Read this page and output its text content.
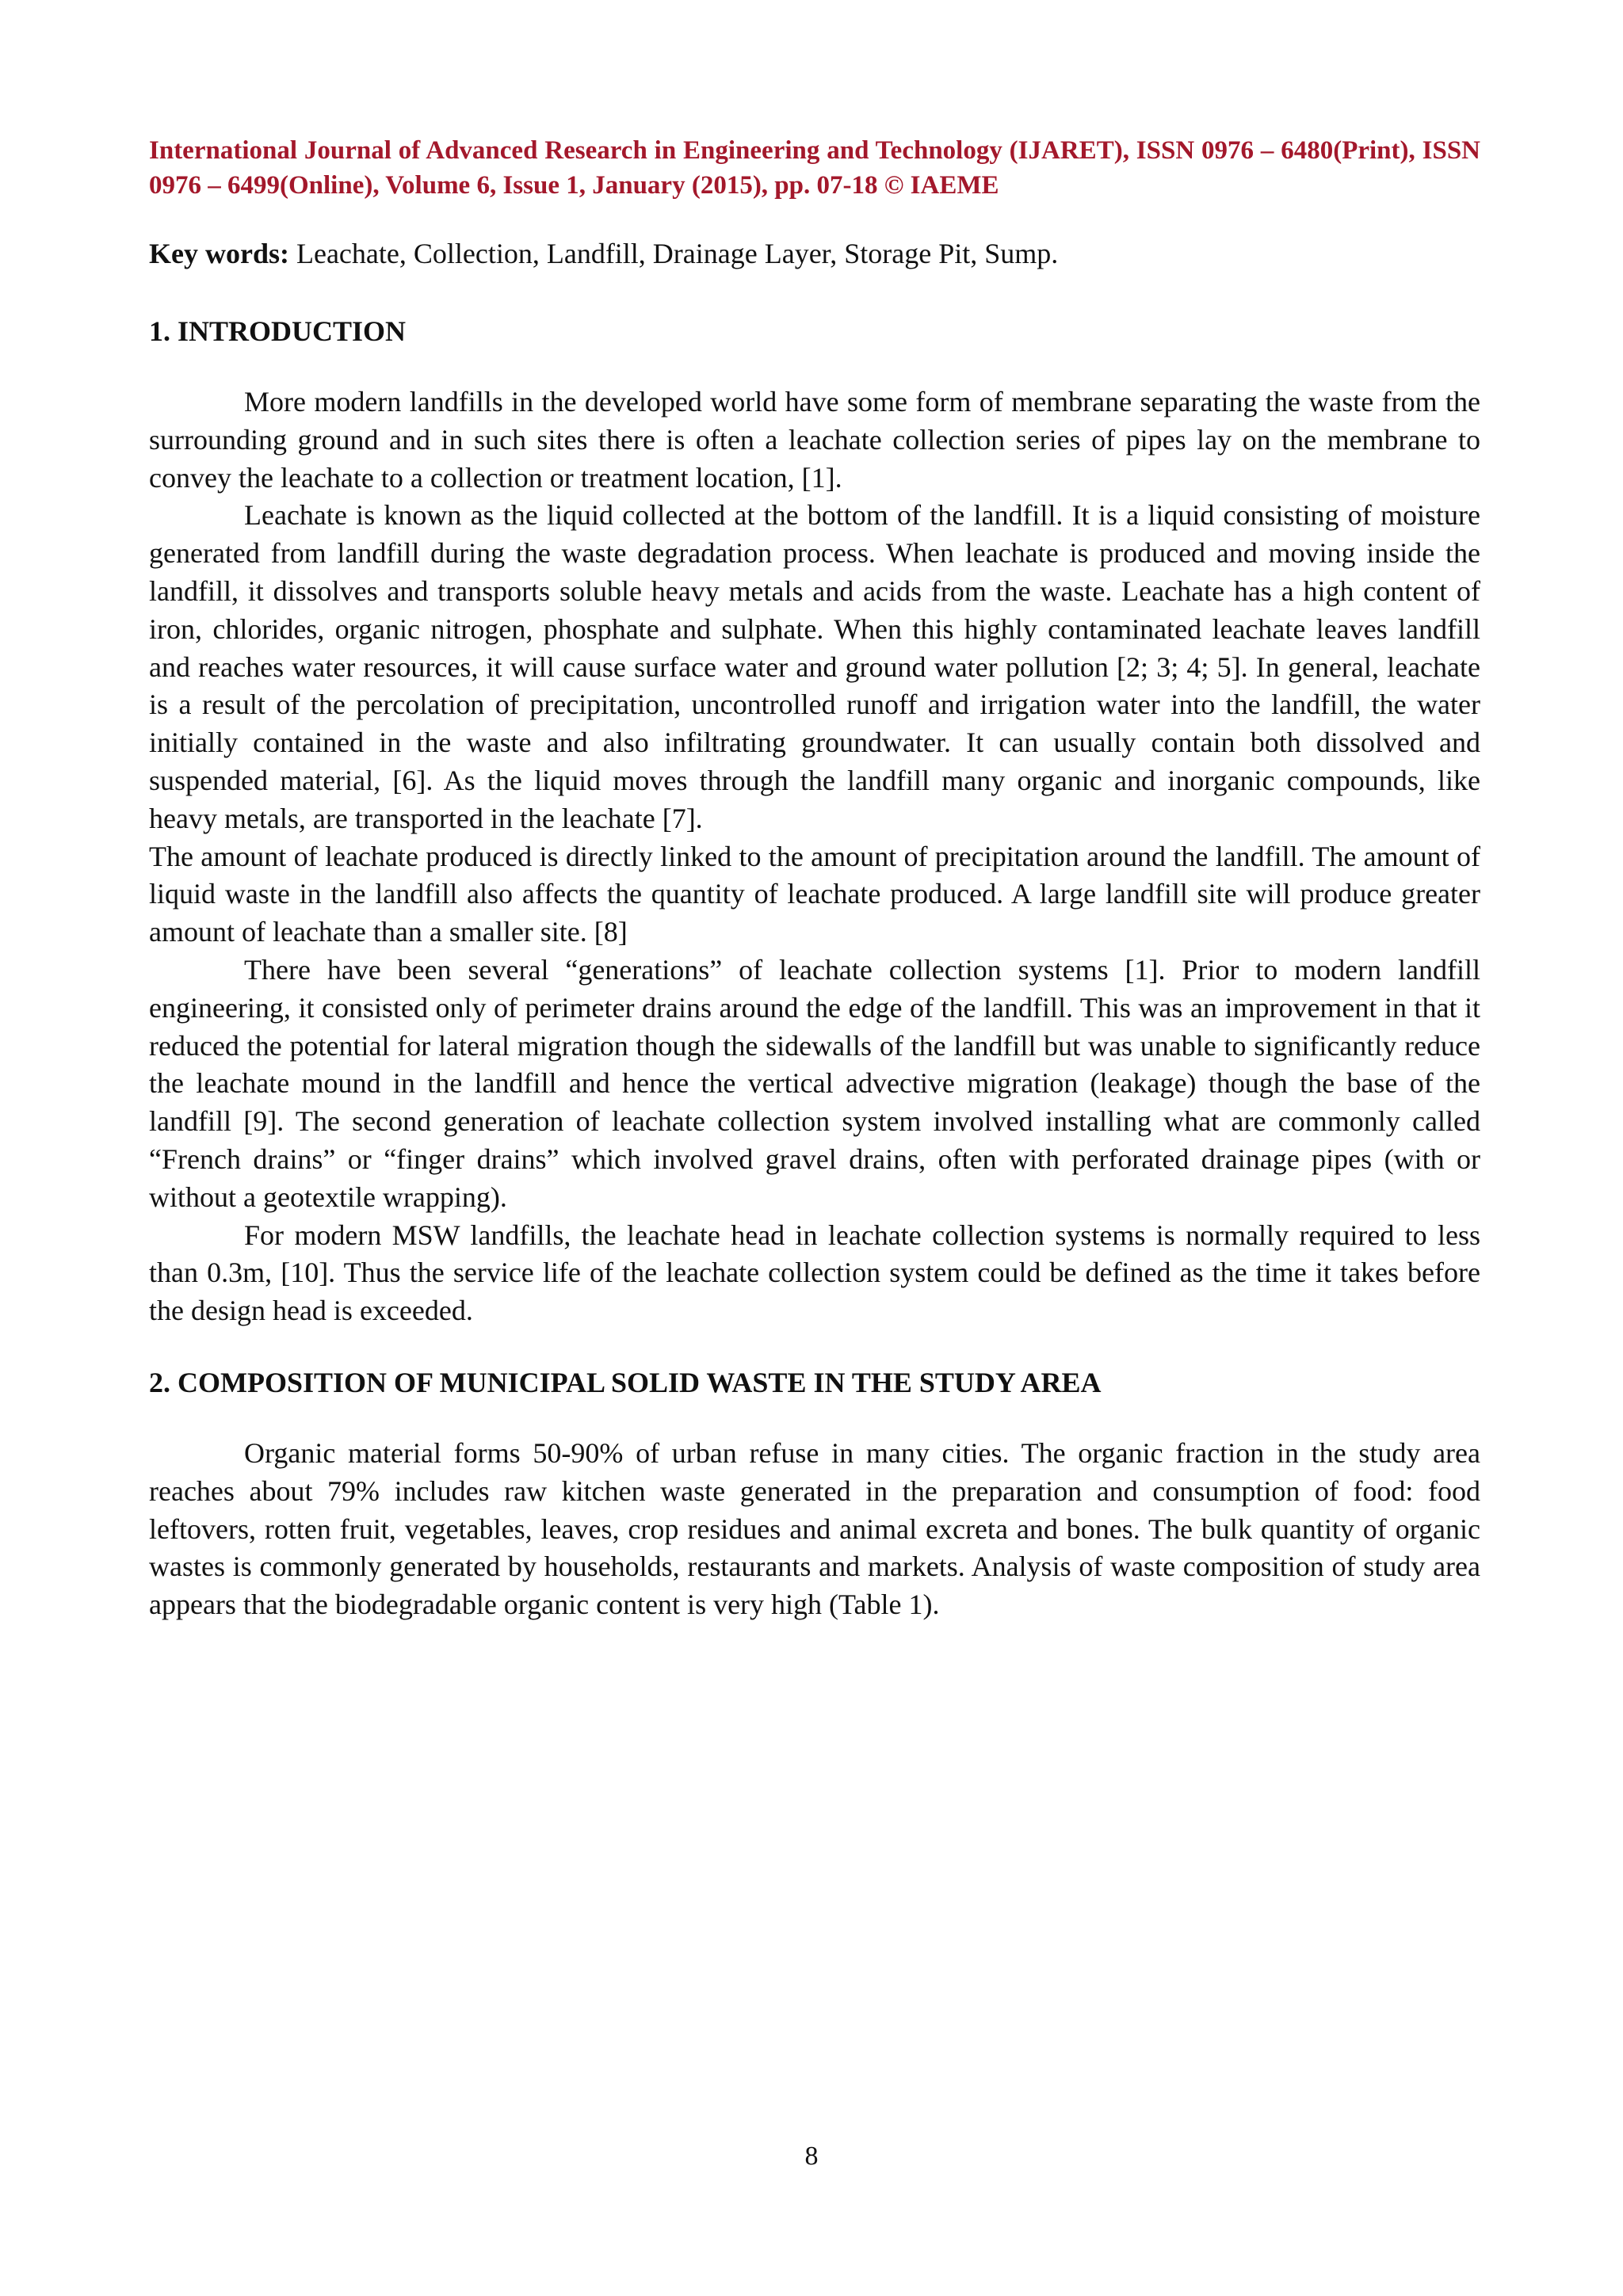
International Journal of Advanced Research in Engineering and Technology (IJARET), ISSN 0976 – 6480(Print), ISSN 0976 – 6499(Online), Volume 6, Issue 1, January (2015), pp. 07-18 © IAEME

Key words: Leachate, Collection, Landfill, Drainage Layer, Storage Pit, Sump.

1. INTRODUCTION

More modern landfills in the developed world have some form of membrane separating the waste from the surrounding ground and in such sites there is often a leachate collection series of pipes lay on the membrane to convey the leachate to a collection or treatment location, [1].

Leachate is known as the liquid collected at the bottom of the landfill. It is a liquid consisting of moisture generated from landfill during the waste degradation process. When leachate is produced and moving inside the landfill, it dissolves and transports soluble heavy metals and acids from the waste. Leachate has a high content of iron, chlorides, organic nitrogen, phosphate and sulphate. When this highly contaminated leachate leaves landfill and reaches water resources, it will cause surface water and ground water pollution [2; 3; 4; 5]. In general, leachate is a result of the percolation of precipitation, uncontrolled runoff and irrigation water into the landfill, the water initially contained in the waste and also infiltrating groundwater. It can usually contain both dissolved and suspended material, [6]. As the liquid moves through the landfill many organic and inorganic compounds, like heavy metals, are transported in the leachate [7].

The amount of leachate produced is directly linked to the amount of precipitation around the landfill. The amount of liquid waste in the landfill also affects the quantity of leachate produced. A large landfill site will produce greater amount of leachate than a smaller site. [8]

There have been several “generations” of leachate collection systems [1]. Prior to modern landfill engineering, it consisted only of perimeter drains around the edge of the landfill. This was an improvement in that it reduced the potential for lateral migration though the sidewalls of the landfill but was unable to significantly reduce the leachate mound in the landfill and hence the vertical advective migration (leakage) though the base of the landfill [9]. The second generation of leachate collection system involved installing what are commonly called “French drains” or “finger drains” which involved gravel drains, often with perforated drainage pipes (with or without a geotextile wrapping).

For modern MSW landfills, the leachate head in leachate collection systems is normally required to less than 0.3m, [10]. Thus the service life of the leachate collection system could be defined as the time it takes before the design head is exceeded.

2. COMPOSITION OF MUNICIPAL SOLID WASTE IN THE STUDY AREA

Organic material forms 50-90% of urban refuse in many cities. The organic fraction in the study area reaches about 79% includes raw kitchen waste generated in the preparation and consumption of food: food leftovers, rotten fruit, vegetables, leaves, crop residues and animal excreta and bones. The bulk quantity of organic wastes is commonly generated by households, restaurants and markets. Analysis of waste composition of study area appears that the biodegradable organic content is very high (Table 1).

8
